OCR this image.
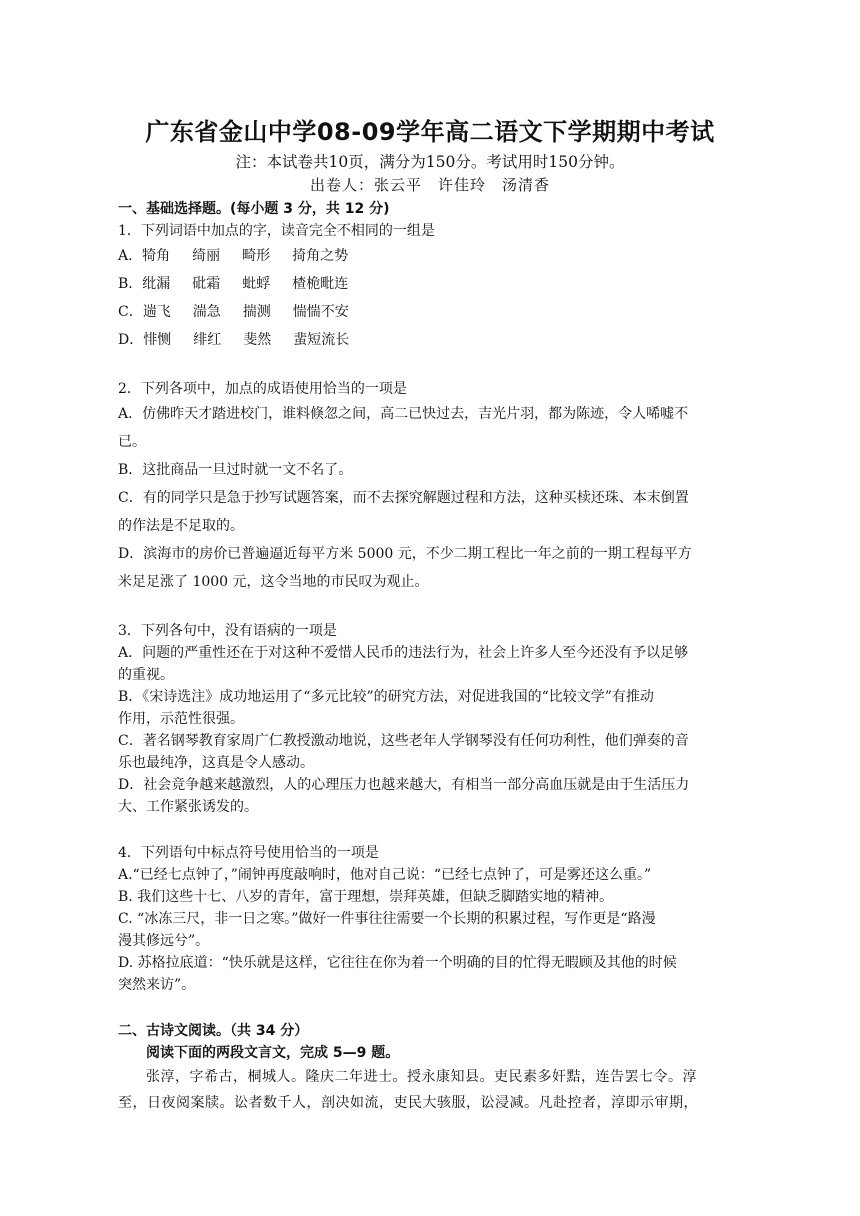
广东省金山中学08-09学年高二语文下学期期中考试
注：本试卷共10页，满分为150分。考试用时150分钟。
出卷人：张云平　许佳玲　汤清香
一、基础选择题。(每小题 3 分，共 12 分)
1．下列词语中加点的字，读音完全不相同的一组是
A．犄角 绮丽 畸形 掎角之势
B．纰漏 砒霜 蚍蜉 楂桅毗连
C．遄飞 湍急 揣测 惴惴不安
D．悱恻 绯红 斐然 蜚短流长
2．下列各项中，加点的成语使用恰当的一项是
A．仿佛昨天才踏进校门，谁料倏忽之间，高二已快过去，吉光片羽，都为陈迹，令人唏嘘不
已。
B．这批商品一旦过时就一文不名了。
C．有的同学只是急于抄写试题答案，而不去探究解题过程和方法，这种买椟还珠、本末倒置
的作法是不足取的。
D．滨海市的房价已普遍逼近每平方米 5000 元，不少二期工程比一年之前的一期工程每平方
米足足涨了 1000 元，这令当地的市民叹为观止。
3．下列各句中，没有语病的一项是
A．问题的严重性还在于对这种不爱惜人民币的违法行为，社会上许多人至今还没有予以足够
的重视。
B．《宋诗选注》成功地运用了“多元比较”的研究方法，对促进我国的“比较文学”有推动
作用，示范性很强。
C．著名钢琴教育家周广仁教授激动地说，这些老年人学钢琴没有任何功利性，他们弹奏的音
乐也最纯净，这真是令人感动。
D．社会竞争越来越激烈，人的心理压力也越来越大，有相当一部分高血压就是由于生活压力
大、工作紧张诱发的。
4．下列语句中标点符号使用恰当的一项是
A.“已经七点钟了，”闹钟再度敲响时，他对自己说：“已经七点钟了，可是雾还这么重。”
B. 我们这些十七、八岁的青年，富于理想，崇拜英雄，但缺乏脚踏实地的精神。
C. “冰冻三尺，非一日之寒。”做好一件事往往需要一个长期的积累过程，写作更是“路漫
漫其修远兮”。
D. 苏格拉底道：“快乐就是这样，它往往在你为着一个明确的目的忙得无暇顾及其他的时候
突然来访”。
二、古诗文阅读。（共 34 分）
阅读下面的两段文言文，完成 5—9 题。
张淳，字希古，桐城人。隆庆二年进士。授永康知县。吏民素多奸黠，连告罢七令。淳
至，日夜阅案牍。讼者数千人，剖决如流，吏民大骇服，讼浸减。凡赴控者，淳即示审期，
